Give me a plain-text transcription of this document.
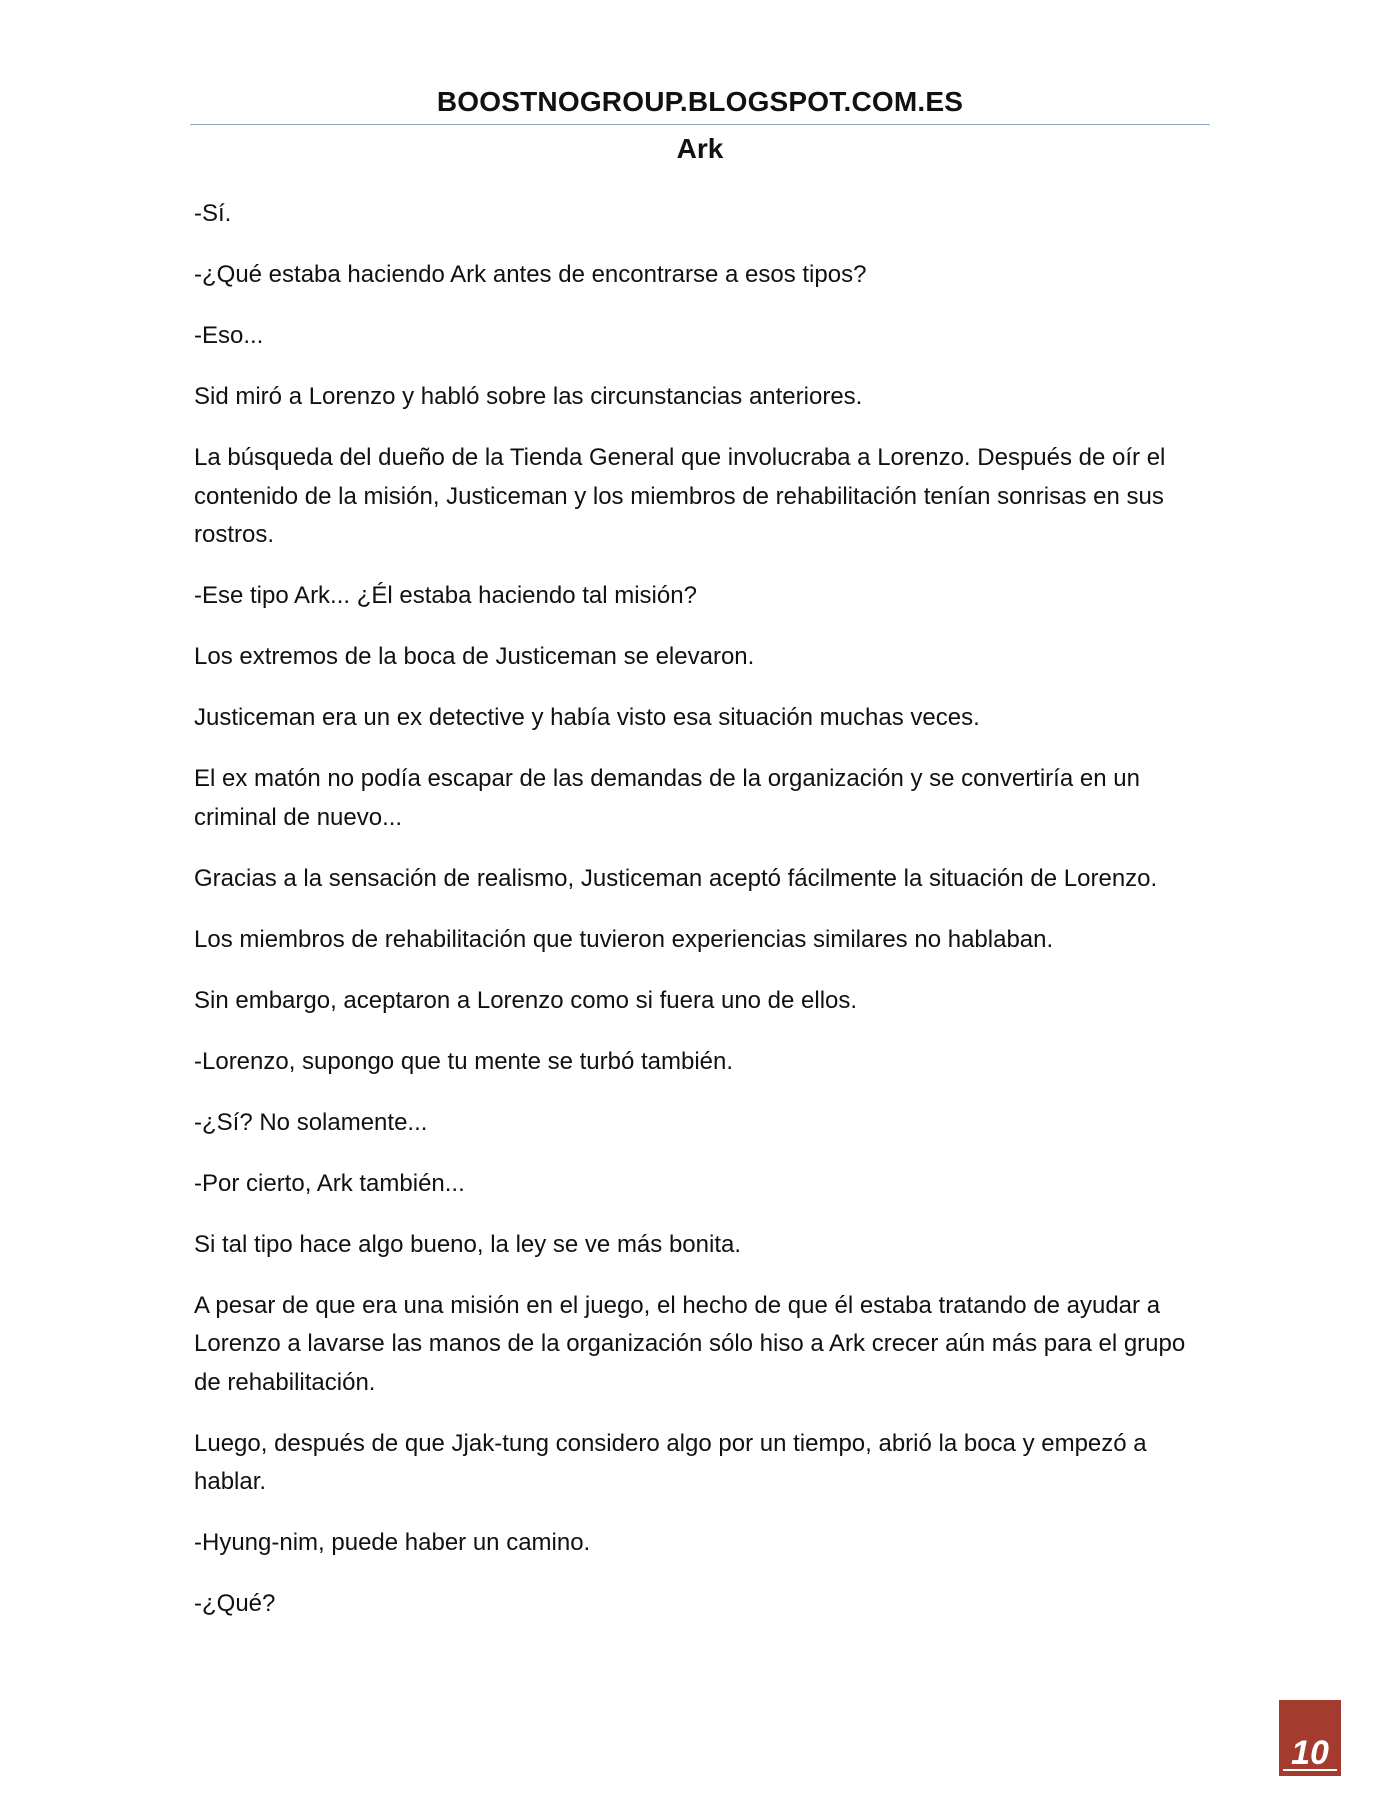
BOOSTNOGROUP.BLOGSPOT.COM.ES
Ark

-Sí.

-¿Qué estaba haciendo Ark antes de encontrarse a esos tipos?

-Eso...

Sid miró a Lorenzo y habló sobre las circunstancias anteriores.

La búsqueda del dueño de la Tienda General que involucraba a Lorenzo. Después de oír el contenido de la misión, Justiceman y los miembros de rehabilitación tenían sonrisas en sus rostros.

-Ese tipo Ark... ¿Él estaba haciendo tal misión?

Los extremos de la boca de Justiceman se elevaron.

Justiceman era un ex detective y había visto esa situación muchas veces.

El ex matón no podía escapar de las demandas de la organización y se convertiría en un criminal de nuevo...

Gracias a la sensación de realismo, Justiceman aceptó fácilmente la situación de Lorenzo.

Los miembros de rehabilitación que tuvieron experiencias similares no hablaban.

Sin embargo, aceptaron a Lorenzo como si fuera uno de ellos.

-Lorenzo, supongo que tu mente se turbó también.

-¿Sí? No solamente...

-Por cierto, Ark también...

Si tal tipo hace algo bueno, la ley se ve más bonita.

A pesar de que era una misión en el juego, el hecho de que él estaba tratando de ayudar a Lorenzo a lavarse las manos de la organización sólo hiso a Ark crecer aún más para el grupo de rehabilitación.

Luego, después de que Jjak-tung considero algo por un tiempo, abrió la boca y empezó a hablar.

-Hyung-nim, puede haber un camino.

-¿Qué?

10
